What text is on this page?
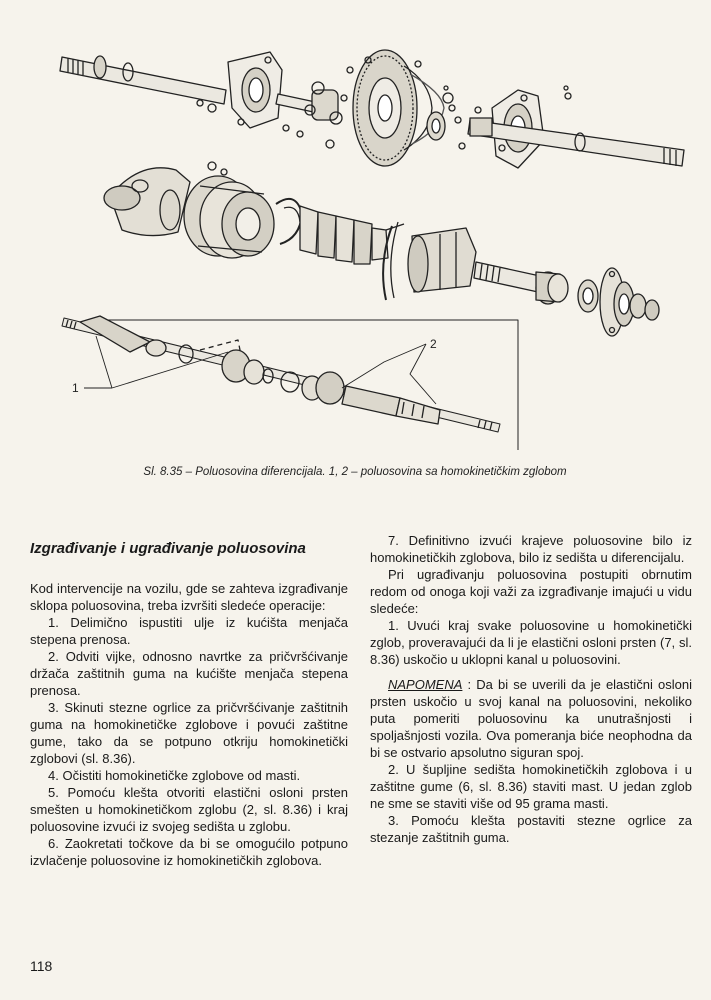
1
2
Sl. 8.35 – Poluosovina diferencijala. 1, 2 – poluosovina sa homokinetičkim zglobom

Izgrađivanje i ugrađivanje poluosovina

Kod intervencije na vozilu, gde se zahteva izgrađivanje sklopa poluosovina, treba izvršiti sledeće operacije:

1. Delimično ispustiti ulje iz kućišta menjača stepena prenosa.

2. Odviti vijke, odnosno navrtke za pričvršćivanje držača zaštitnih guma na kućište menjača stepena prenosa.

3. Skinuti stezne ogrlice za pričvršćivanje zaštitnih guma na homokinetičke zglobove i povući zaštitne gume, tako da se potpuno otkriju homokinetički zglobovi (sl. 8.36).

4. Očistiti homokinetičke zglobove od masti.

5. Pomoću klešta otvoriti elastični osloni prsten smešten u homokinetičkom zglobu (2, sl. 8.36) i kraj poluosovine izvući iz svojeg sedišta u zglobu.

6. Zaokretati točkove da bi se omogućilo potpuno izvlačenje poluosovine iz homokinetičkih zglobova.

7. Definitivno izvući krajeve poluosovine bilo iz homokinetičkih zglobova, bilo iz sedišta u diferencijalu.

Pri ugrađivanju poluosovina postupiti obrnutim redom od onoga koji važi za izgrađivanje imajući u vidu sledeće:

1. Uvući kraj svake poluosovine u homokinetički zglob, proveravajući da li je elastični osloni prsten (7, sl. 8.36) uskočio u uklopni kanal u poluosovini.

NAPOMENA : Da bi se uverili da je elastični osloni prsten uskočio u svoj kanal na poluosovini, nekoliko puta pomeriti poluosovinu ka unutrašnjosti i spoljašnjosti vozila. Ova pomeranja biće neophodna da bi se ostvario apsolutno siguran spoj.

2. U šupljine sedišta homokinetičkih zglobova i u zaštitne gume (6, sl. 8.36) staviti mast. U jedan zglob ne sme se staviti više od 95 grama masti.

3. Pomoću klešta postaviti stezne ogrlice za stezanje zaštitnih guma.

118
